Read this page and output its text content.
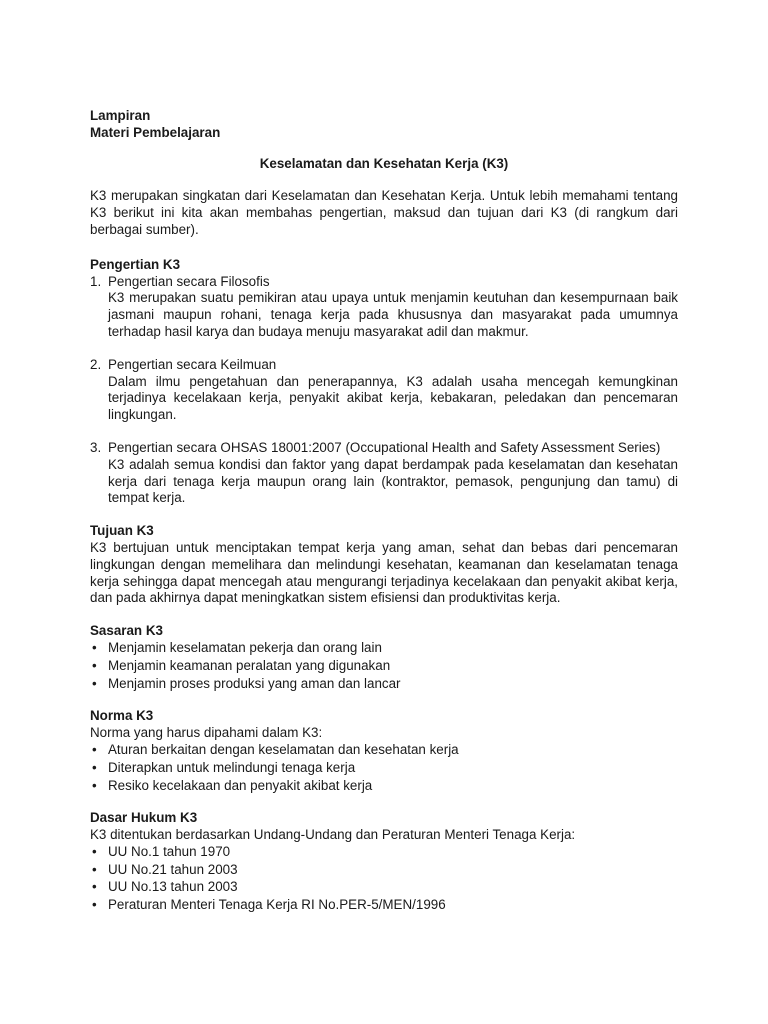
Lampiran

Materi Pembelajaran

Keselamatan dan Kesehatan Kerja (K3)

K3 merupakan singkatan dari Keselamatan dan Kesehatan Kerja. Untuk lebih memahami tentang K3 berikut ini kita akan membahas pengertian, maksud dan tujuan dari K3 (di rangkum dari berbagai sumber).

Pengertian K3

1. Pengertian secara Filosofis

K3 merupakan suatu pemikiran atau upaya untuk menjamin keutuhan dan kesempurnaan baik jasmani maupun rohani, tenaga kerja pada khususnya dan masyarakat pada umumnya terhadap hasil karya dan budaya menuju masyarakat adil dan makmur.

2. Pengertian secara Keilmuan

Dalam ilmu pengetahuan dan penerapannya, K3 adalah usaha mencegah kemungkinan terjadinya kecelakaan kerja, penyakit akibat kerja, kebakaran, peledakan dan pencemaran lingkungan.

3. Pengertian secara OHSAS 18001:2007 (Occupational Health and Safety Assessment Series)

K3 adalah semua kondisi dan faktor yang dapat berdampak pada keselamatan dan kesehatan kerja dari tenaga kerja maupun orang lain (kontraktor, pemasok, pengunjung dan tamu) di tempat kerja.

Tujuan K3

K3 bertujuan untuk menciptakan tempat kerja yang aman, sehat dan bebas dari pencemaran lingkungan dengan memelihara dan melindungi kesehatan, keamanan dan keselamatan tenaga kerja sehingga dapat mencegah atau mengurangi terjadinya kecelakaan dan penyakit akibat kerja, dan pada akhirnya dapat meningkatkan sistem efisiensi dan produktivitas kerja.

Sasaran K3

• Menjamin keselamatan pekerja dan orang lain
• Menjamin keamanan peralatan yang digunakan
• Menjamin proses produksi yang aman dan lancar

Norma K3

Norma yang harus dipahami dalam K3:

• Aturan berkaitan dengan keselamatan dan kesehatan kerja
• Diterapkan untuk melindungi tenaga kerja
• Resiko kecelakaan dan penyakit akibat kerja

Dasar Hukum K3

K3 ditentukan berdasarkan Undang-Undang dan Peraturan Menteri Tenaga Kerja:

• UU No.1 tahun 1970
• UU No.21 tahun 2003
• UU No.13 tahun 2003
• Peraturan Menteri Tenaga Kerja RI No.PER-5/MEN/1996
